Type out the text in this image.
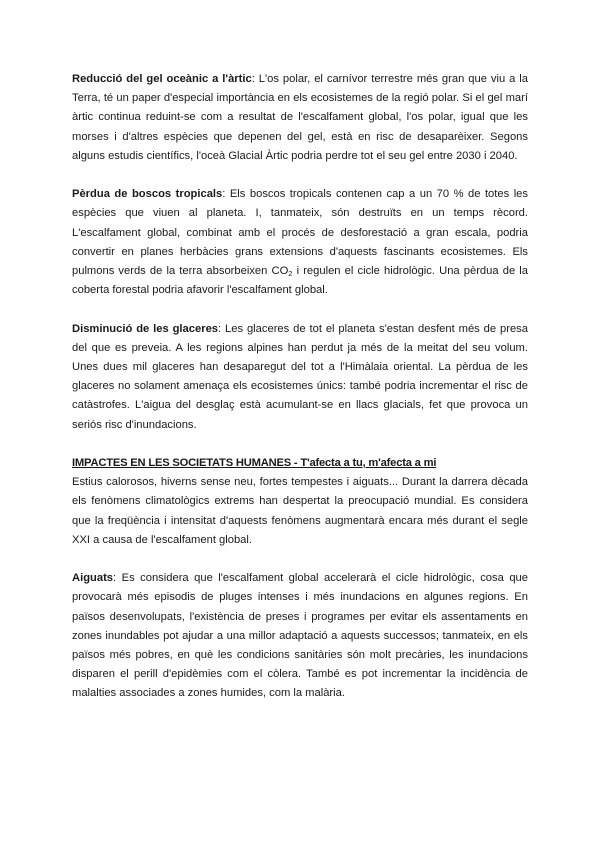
Reducció del gel oceànic a l'àrtic: L'os polar, el carnívor terrestre més gran que viu a la Terra, té un paper d'especial importància en els ecosistemes de la regió polar. Si el gel marí àrtic continua reduint-se com a resultat de l'escalfament global, l'os polar, igual que les morses i d'altres espècies que depenen del gel, està en risc de desaparèixer. Segons alguns estudis científics, l'oceà Glacial Àrtic podria perdre tot el seu gel entre 2030 i 2040.

Pèrdua de boscos tropicals: Els boscos tropicals contenen cap a un 70 % de totes les espècies que viuen al planeta. I, tanmateix, són destruïts en un temps rècord. L'escalfament global, combinat amb el procés de desforestació a gran escala, podria convertir en planes herbàcies grans extensions d'aquests fascinants ecosistemes. Els pulmons verds de la terra absorbeixen $CO_2$ i regulen el cicle hidrològic. Una pèrdua de la coberta forestal podria afavorir l'escalfament global.

Disminució de les glaceres: Les glaceres de tot el planeta s'estan desfent més de presa del que es preveia. A les regions alpines han perdut ja més de la meitat del seu volum. Unes dues mil glaceres han desaparegut del tot a l'Himàlaia oriental. La pèrdua de les glaceres no solament amenaça els ecosistemes únics: també podria incrementar el risc de catàstrofes. L'aigua del desglaç està acumulant-se en llacs glacials, fet que provoca un seriós risc d'inundacions.

IMPACTES EN LES SOCIETATS HUMANES - T'afecta a tu, m'afecta a mi

Estius calorosos, hiverns sense neu, fortes tempestes i aiguats... Durant la darrera dècada els fenòmens climatològics extrems han despertat la preocupació mundial. Es considera que la freqüència i intensitat d'aquests fenòmens augmentarà encara més durant el segle XXI a causa de l'escalfament global.

Aiguats: Es considera que l'escalfament global accelerarà el cicle hidrològic, cosa que provocarà més episodis de pluges intenses i més inundacions en algunes regions. En països desenvolupats, l'existència de preses i programes per evitar els assentaments en zones inundables pot ajudar a una millor adaptació a aquests successos; tanmateix, en els països més pobres, en què les condicions sanitàries són molt precàries, les inundacions disparen el perill d'epidèmies com el còlera. També es pot incrementar la incidència de malalties associades a zones humides, com la malària.
